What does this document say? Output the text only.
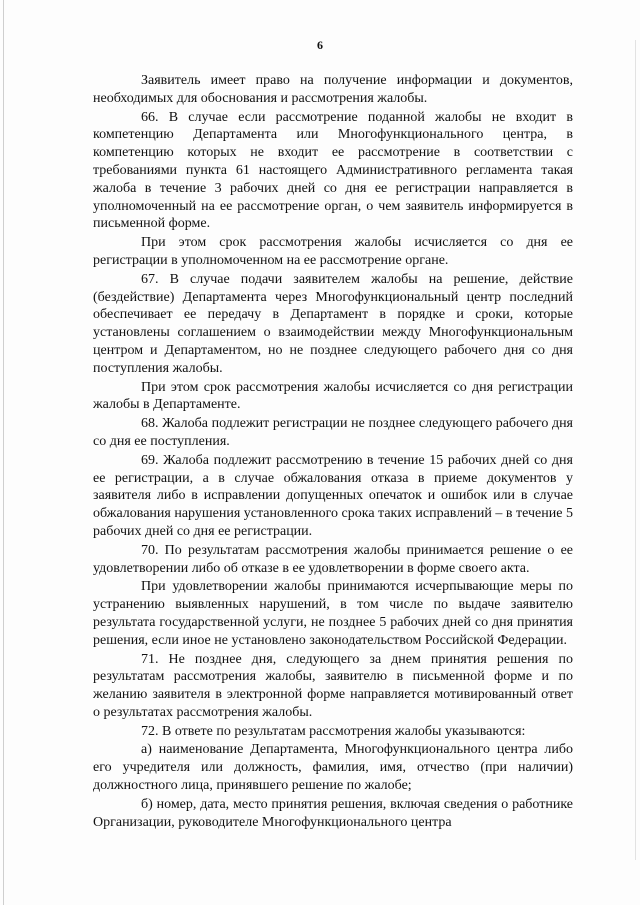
6

Заявитель имеет право на получение информации и документов, необходимых для обоснования и рассмотрения жалобы.

66. В случае если рассмотрение поданной жалобы не входит в компетенцию Департамента или Многофункционального центра, в компетенцию которых не входит ее рассмотрение в соответствии с требованиями пункта 61 настоящего Административного регламента такая жалоба в течение 3 рабочих дней со дня ее регистрации направляется в уполномоченный на ее рассмотрение орган, о чем заявитель информируется в письменной форме.

При этом срок рассмотрения жалобы исчисляется со дня ее регистрации в уполномоченном на ее рассмотрение органе.

67. В случае подачи заявителем жалобы на решение, действие (бездействие) Департамента через Многофункциональный центр последний обеспечивает ее передачу в Департамент в порядке и сроки, которые установлены соглашением о взаимодействии между Многофункциональным центром и Департаментом, но не позднее следующего рабочего дня со дня поступления жалобы.

При этом срок рассмотрения жалобы исчисляется со дня регистрации жалобы в Департаменте.

68. Жалоба подлежит регистрации не позднее следующего рабочего дня со дня ее поступления.

69. Жалоба подлежит рассмотрению в течение 15 рабочих дней со дня ее регистрации, а в случае обжалования отказа в приеме документов у заявителя либо в исправлении допущенных опечаток и ошибок или в случае обжалования нарушения установленного срока таких исправлений – в течение 5 рабочих дней со дня ее регистрации.

70. По результатам рассмотрения жалобы принимается решение о ее удовлетворении либо об отказе в ее удовлетворении в форме своего акта.

При удовлетворении жалобы принимаются исчерпывающие меры по устранению выявленных нарушений, в том числе по выдаче заявителю результата государственной услуги, не позднее 5 рабочих дней со дня принятия решения, если иное не установлено законодательством Российской Федерации.

71. Не позднее дня, следующего за днем принятия решения по результатам рассмотрения жалобы, заявителю в письменной форме и по желанию заявителя в электронной форме направляется мотивированный ответ о результатах рассмотрения жалобы.

72. В ответе по результатам рассмотрения жалобы указываются:

а) наименование Департамента, Многофункционального центра либо его учредителя или должность, фамилия, имя, отчество (при наличии) должностного лица, принявшего решение по жалобе;

б) номер, дата, место принятия решения, включая сведения о работнике Организации, руководителе Многофункционального центра
